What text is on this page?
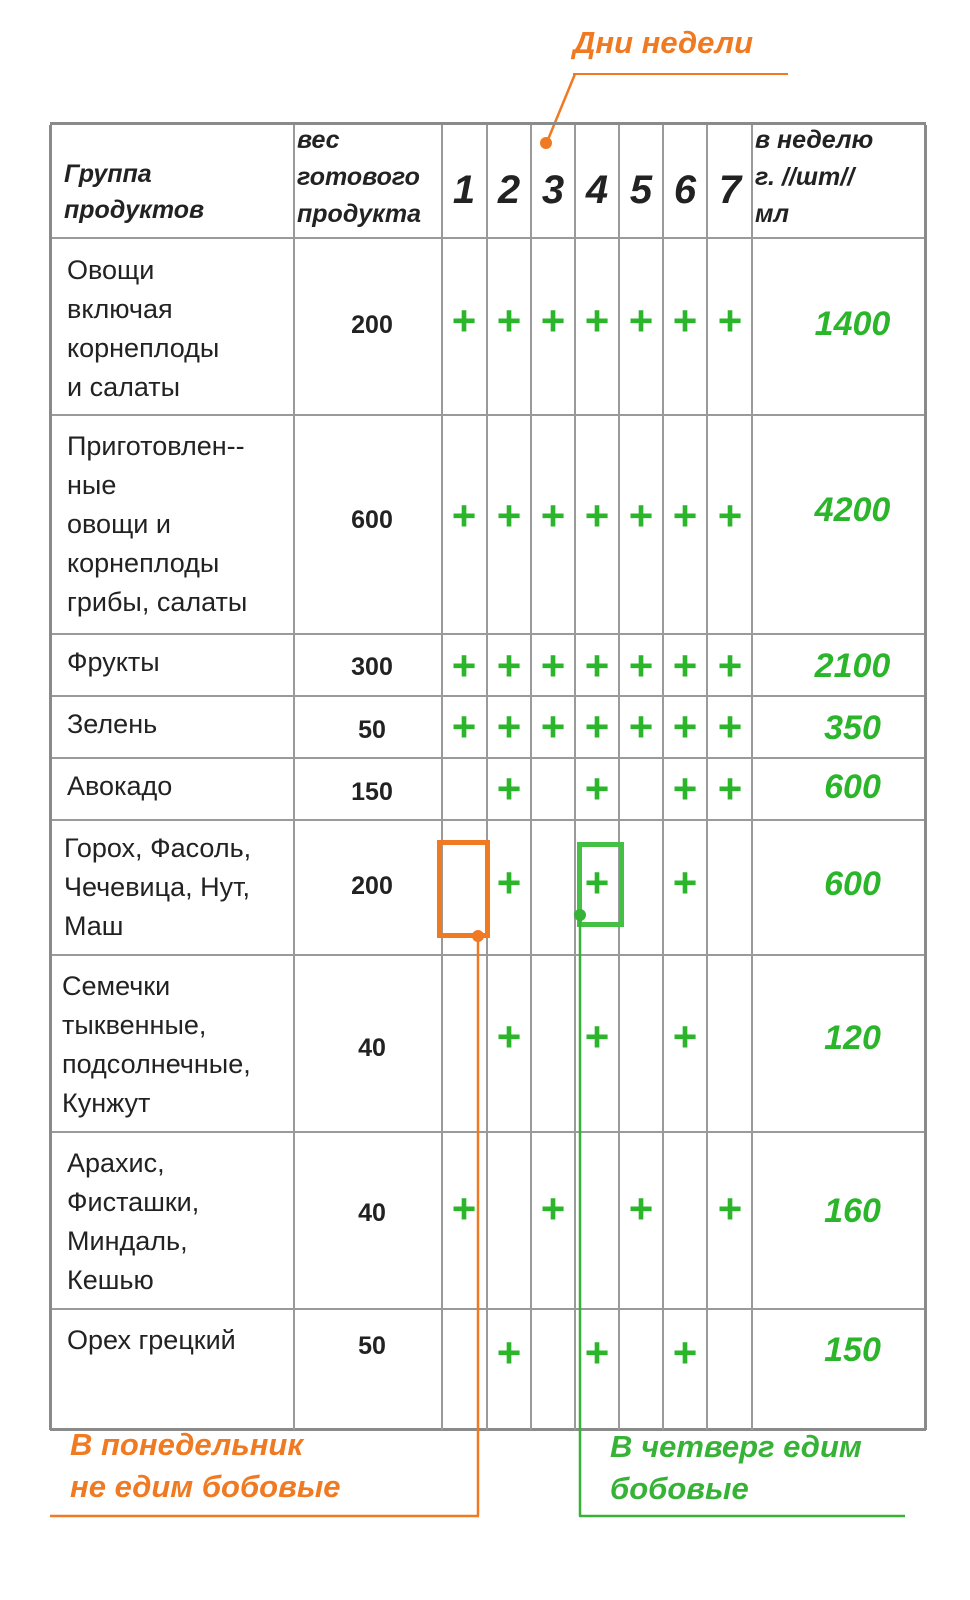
Дни недели
Группа
продуктов
вес
готового
продукта
1 2 3 4 5 6 7
в неделю
г. //шт//
мл
Овощи
включая
корнеплоды
и салаты
Приготовлен--
ные
овощи и
корнеплоды
грибы, салаты
Фрукты
Зелень
Авокадо
Горох, Фасоль,
Чечевица, Нут,
Маш
Семечки
тыквенные,
подсолнечные,
Кунжут
Арахис,
Фисташки,
Миндаль,
Кешью
Орех грецкий
200
600
300
50
150
200
40
40
50
1400
4200
2100
350
600
600
120
160
150
+ + + + + + +
+ + + + + + +
+ + + + + + +
+ + + + + + +
+ + + +
+ + +
+ + +
+ + + +
+ + +
В понедельник
не едим бобовые
В четверг едим
бобовые
